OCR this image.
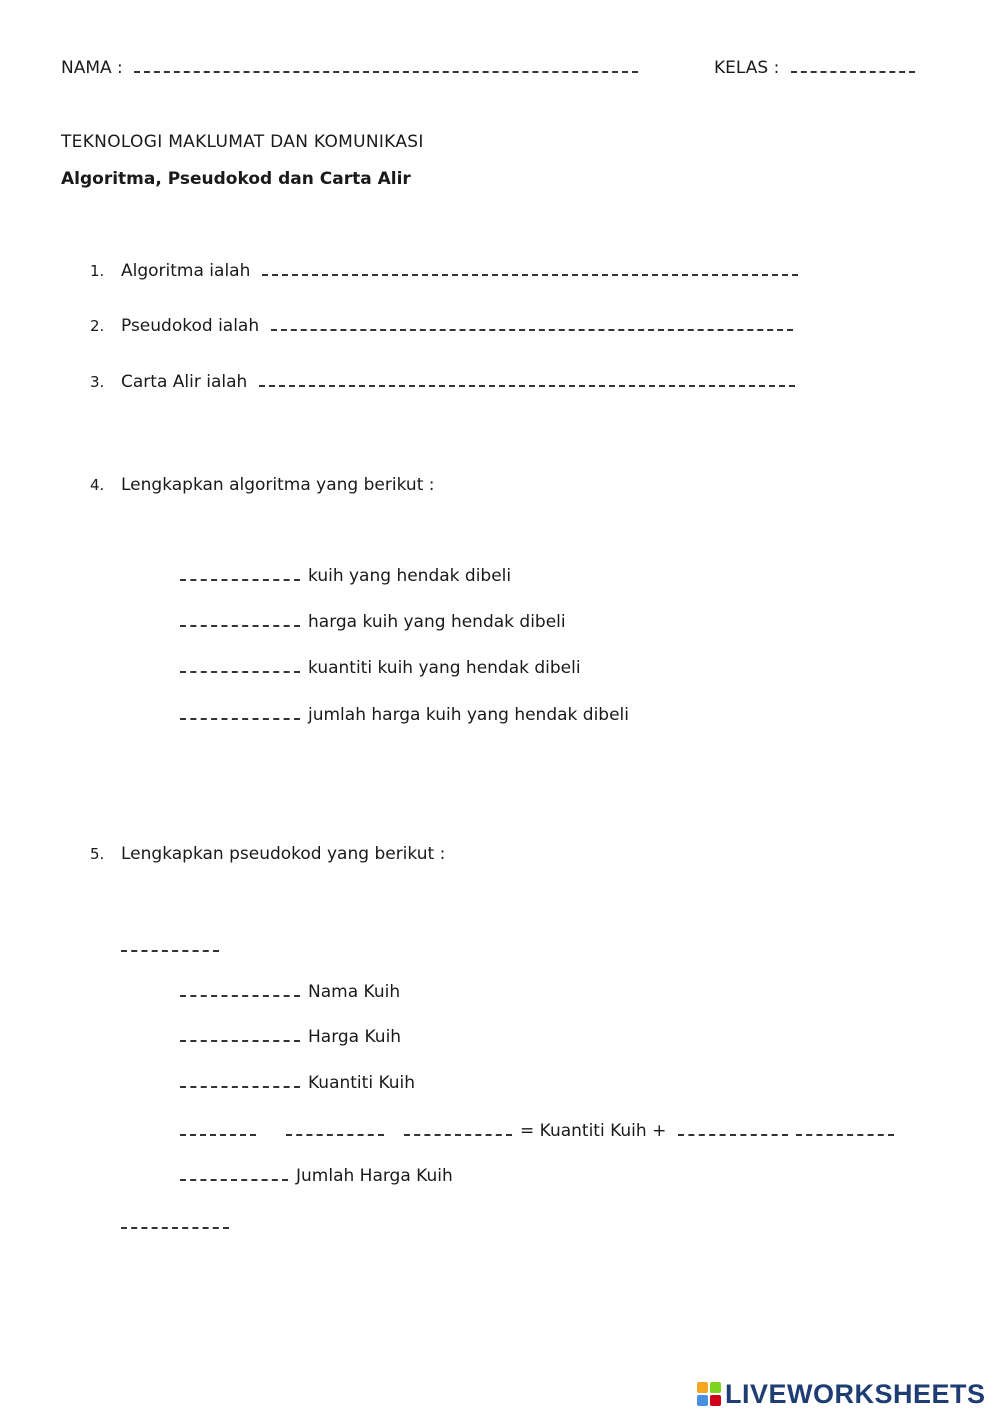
NAMA :	KELAS :
TEKNOLOGI MAKLUMAT DAN KOMUNIKASI
Algoritma, Pseudokod dan Carta Alir
1. Algoritma ialah
2. Pseudokod ialah
3. Carta Alir ialah
4. Lengkapkan algoritma yang berikut :
kuih yang hendak dibeli
harga kuih yang hendak dibeli
kuantiti kuih yang hendak dibeli
jumlah harga kuih yang hendak dibeli
5. Lengkapkan pseudokod yang berikut :
Nama Kuih
Harga Kuih
Kuantiti Kuih
= Kuantiti Kuih +
Jumlah Harga Kuih
LIVEWORKSHEETS
